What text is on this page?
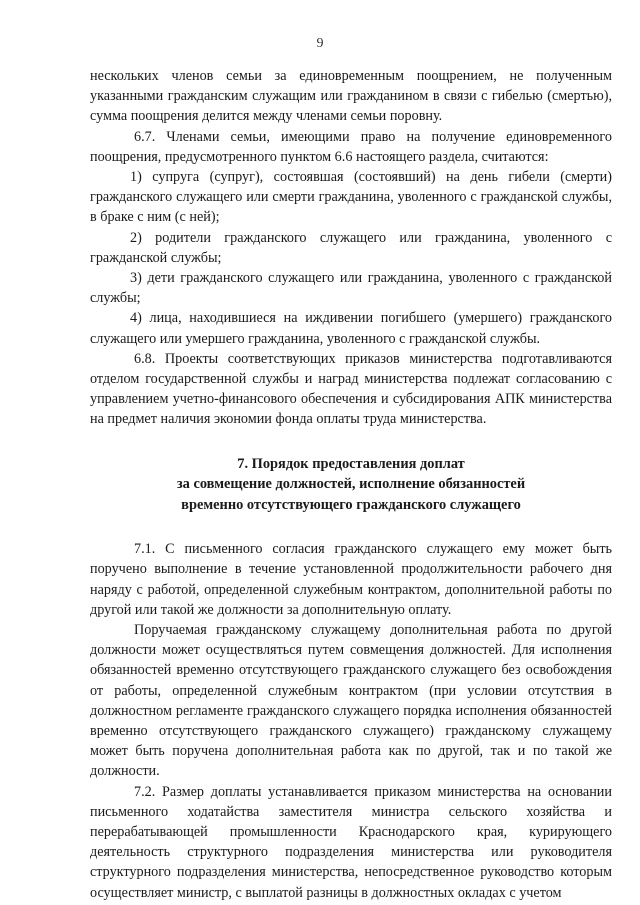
9

нескольких членов семьи за единовременным поощрением, не полученным указанными гражданским служащим или гражданином в связи с гибелью (смертью), сумма поощрения делится между членами семьи поровну.

6.7. Членами семьи, имеющими право на получение единовременного поощрения, предусмотренного пунктом 6.6 настоящего раздела, считаются:

1) супруга (супруг), состоявшая (состоявший) на день гибели (смерти) гражданского служащего или смерти гражданина, уволенного с гражданской службы, в браке с ним (с ней);

2) родители гражданского служащего или гражданина, уволенного с гражданской службы;

3) дети гражданского служащего или гражданина, уволенного с гражданской службы;

4) лица, находившиеся на иждивении погибшего (умершего) гражданского служащего или умершего гражданина, уволенного с гражданской службы.

6.8. Проекты соответствующих приказов министерства подготавливаются отделом государственной службы и наград министерства подлежат согласованию с управлением учетно-финансового обеспечения и субсидирования АПК министерства на предмет наличия экономии фонда оплаты труда министерства.

7. Порядок предоставления доплат
за совмещение должностей, исполнение обязанностей
временно отсутствующего гражданского служащего

7.1. С письменного согласия гражданского служащего ему может быть поручено выполнение в течение установленной продолжительности рабочего дня наряду с работой, определенной служебным контрактом, дополнительной работы по другой или такой же должности за дополнительную оплату.

Поручаемая гражданскому служащему дополнительная работа по другой должности может осуществляться путем совмещения должностей. Для исполнения обязанностей временно отсутствующего гражданского служащего без освобождения от работы, определенной служебным контрактом (при условии отсутствия в должностном регламенте гражданского служащего порядка исполнения обязанностей временно отсутствующего гражданского служащего) гражданскому служащему может быть поручена дополнительная работа как по другой, так и по такой же должности.

7.2. Размер доплаты устанавливается приказом министерства на основании письменного ходатайства заместителя министра сельского хозяйства и перерабатывающей промышленности Краснодарского края, курирующего деятельность структурного подразделения министерства или руководителя структурного подразделения министерства, непосредственное руководство которым осуществляет министр, с выплатой разницы в должностных окладах с учетом
